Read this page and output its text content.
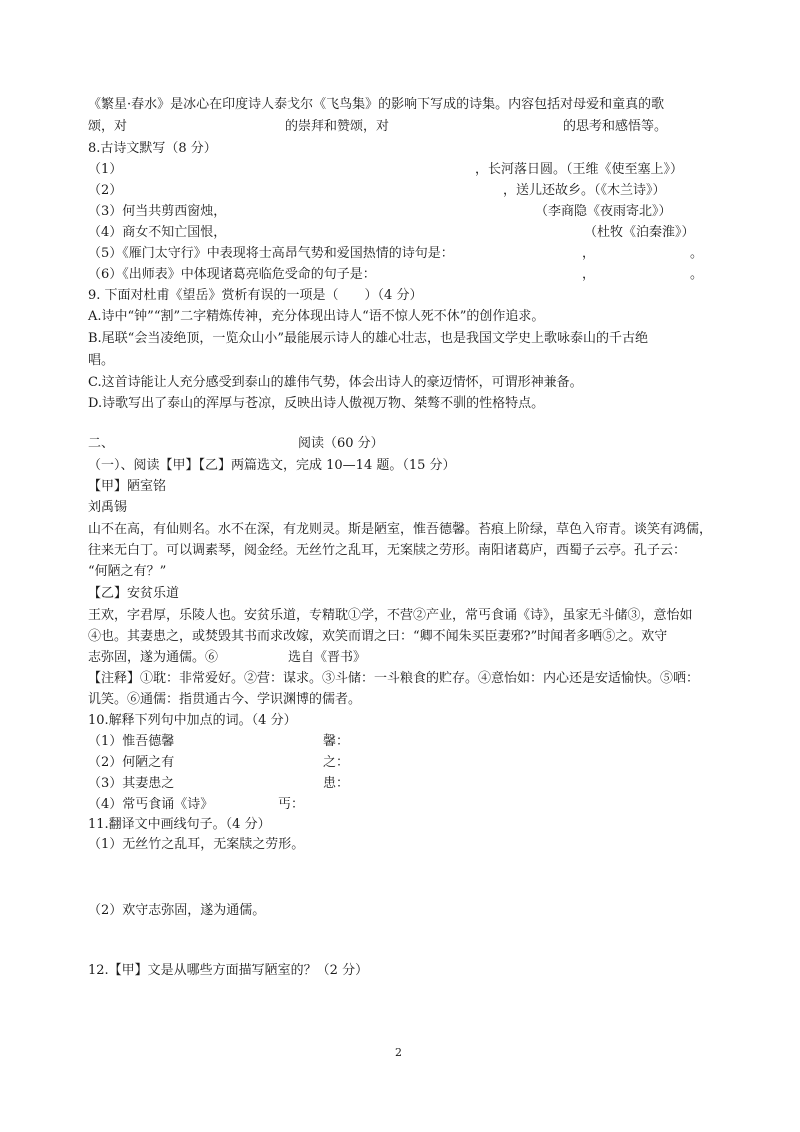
《繁星·春水》是冰心在印度诗人泰戈尔《飞鸟集》的影响下写成的诗集。内容包括对母爱和童真的歌
颂，对	的崇拜和赞颂，对	的思考和感悟等。
8.古诗文默写（8 分）
（1）	，长河落日圆。（王维《使至塞上》）
（2）	，送儿还故乡。（《木兰诗》）
（3）何当共剪西窗烛，	（李商隐《夜雨寄北》）
（4）商女不知亡国恨，	（杜牧《泊秦淮》）
（5）《雁门太守行》中表现将士高昂气势和爱国热情的诗句是：	，	。
（6）《出师表》中体现诸葛亮临危受命的句子是：	，	。
9. 下面对杜甫《望岳》赏析有误的一项是（　　）（4 分）
A.诗中“钟”“割”二字精炼传神，充分体现出诗人“语不惊人死不休”的创作追求。
B.尾联“会当凌绝顶，一览众山小”最能展示诗人的雄心壮志，也是我国文学史上歌咏泰山的千古绝
唱。
C.这首诗能让人充分感受到泰山的雄伟气势，体会出诗人的豪迈情怀，可谓形神兼备。
D.诗歌写出了泰山的浑厚与苍凉，反映出诗人傲视万物、桀骜不驯的性格特点。
二、	阅读（60 分）
（一）、阅读【甲】【乙】两篇选文，完成 10—14 题。（15 分）
【甲】陋室铭
刘禹锡
山不在高，有仙则名。水不在深，有龙则灵。斯是陋室，惟吾德馨。苔痕上阶绿，草色入帘青。谈笑有鸿儒，
往来无白丁。可以调素琴，阅金经。无丝竹之乱耳，无案牍之劳形。南阳诸葛庐，西蜀子云亭。孔子云：
“何陋之有？”
【乙】安贫乐道
王欢，字君厚，乐陵人也。安贫乐道，专精耽①学，不营②产业，常丐食诵《诗》，虽家无斗储③，意怡如
④也。其妻患之，或焚毁其书而求改嫁，欢笑而谓之曰：“卿不闻朱买臣妻邪?”时闻者多哂⑤之。欢守
志弥固，遂为通儒。⑥	选自《晋书》
【注释】①耽：非常爱好。②营：谋求。③斗储：一斗粮食的贮存。④意怡如：内心还是安适愉快。⑤哂：
讥笑。⑥通儒：指贯通古今、学识渊博的儒者。
10.解释下列句中加点的词。（4 分）
（1）惟吾德馨	馨：
（2）何陋之有	之：
（3）其妻患之	患：
（4）常丐食诵《诗》	丐：
11.翻译文中画线句子。（4 分）
（1）无丝竹之乱耳，无案牍之劳形。
（2）欢守志弥固，遂为通儒。
12.【甲】文是从哪些方面描写陋室的？（2 分）
2
